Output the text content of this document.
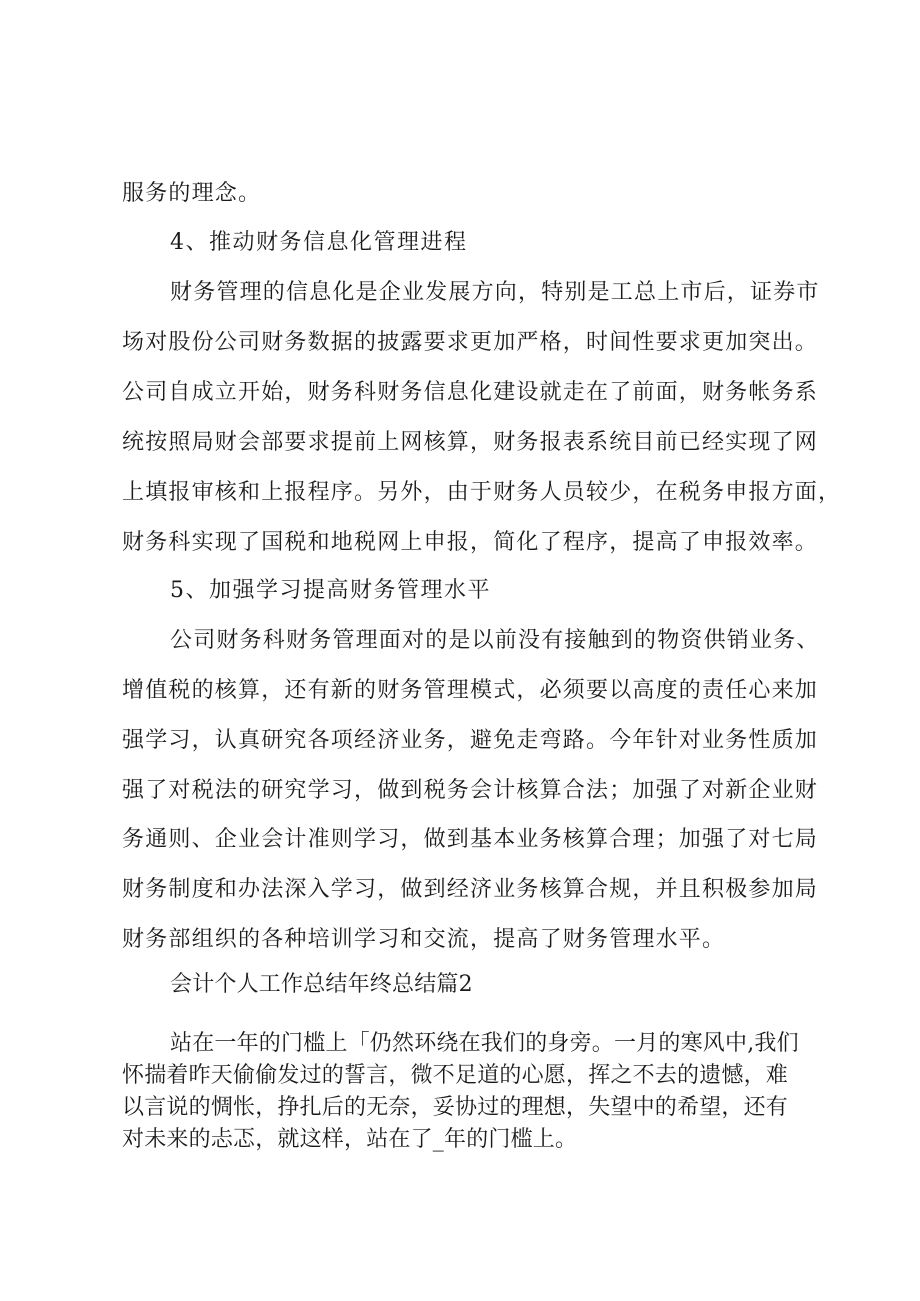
服务的理念。
4、推动财务信息化管理进程
财务管理的信息化是企业发展方向，特别是工总上市后，证券市
场对股份公司财务数据的披露要求更加严格，时间性要求更加突出。
公司自成立开始，财务科财务信息化建设就走在了前面，财务帐务系
统按照局财会部要求提前上网核算，财务报表系统目前已经实现了网
上填报审核和上报程序。另外，由于财务人员较少，在税务申报方面，
财务科实现了国税和地税网上申报，简化了程序，提高了申报效率。
5、加强学习提高财务管理水平
公司财务科财务管理面对的是以前没有接触到的物资供销业务、
增值税的核算，还有新的财务管理模式，必须要以高度的责任心来加
强学习，认真研究各项经济业务，避免走弯路。今年针对业务性质加
强了对税法的研究学习，做到税务会计核算合法；加强了对新企业财
务通则、企业会计准则学习，做到基本业务核算合理；加强了对七局
财务制度和办法深入学习，做到经济业务核算合规，并且积极参加局
财务部组织的各种培训学习和交流，提高了财务管理水平。
会计个人工作总结年终总结篇2
站在一年的门槛上「仍然环绕在我们的身旁。一月的寒风中,我们
怀揣着昨天偷偷发过的誓言，微不足道的心愿，挥之不去的遗憾，难
以言说的惆怅，挣扎后的无奈，妥协过的理想，失望中的希望，还有
对未来的忐忑，就这样，站在了_年的门槛上。
